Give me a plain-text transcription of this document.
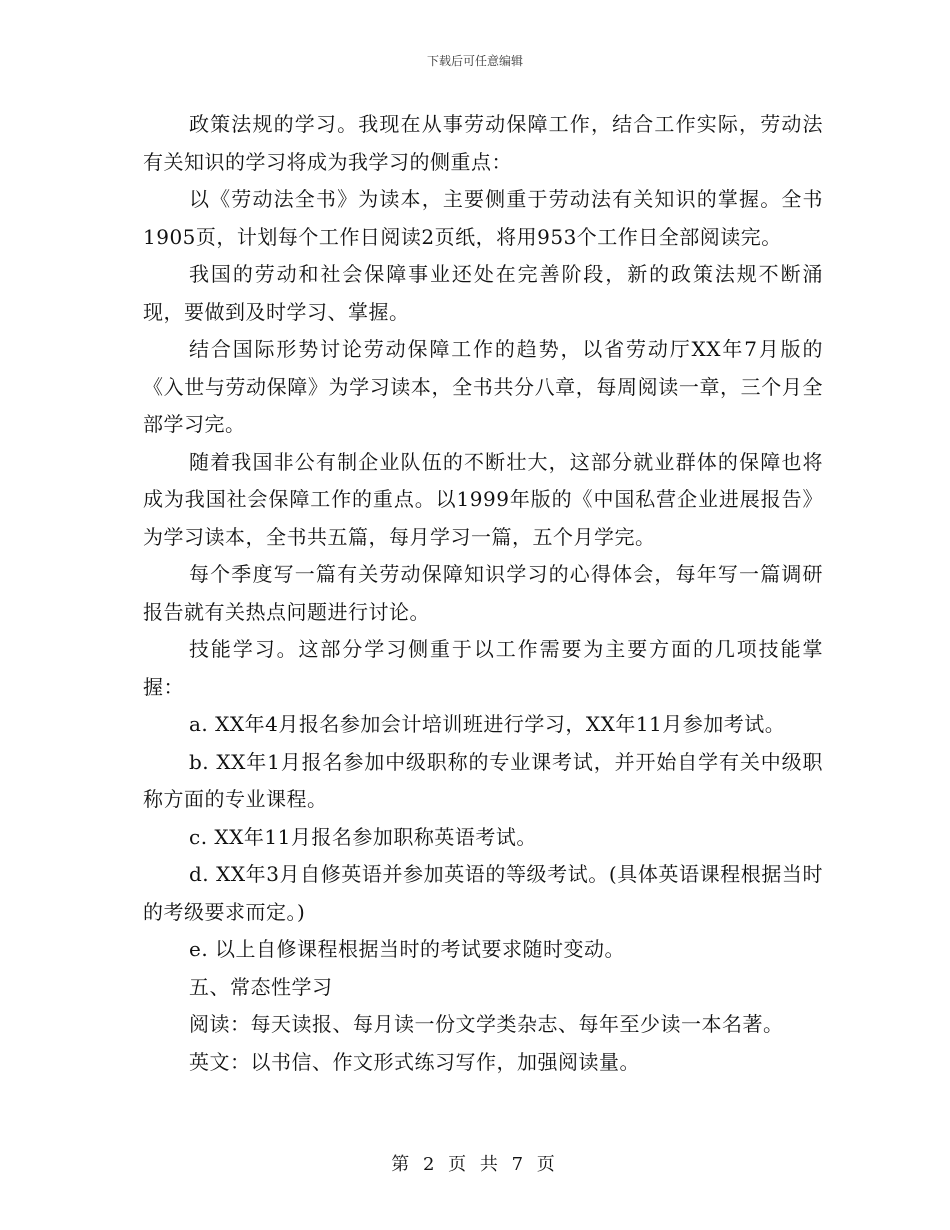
下载后可任意编辑

政策法规的学习。我现在从事劳动保障工作，结合工作实际，劳动法有关知识的学习将成为我学习的侧重点：

以《劳动法全书》为读本，主要侧重于劳动法有关知识的掌握。全书1905页，计划每个工作日阅读2页纸，将用953个工作日全部阅读完。

我国的劳动和社会保障事业还处在完善阶段，新的政策法规不断涌现，要做到及时学习、掌握。

结合国际形势讨论劳动保障工作的趋势，以省劳动厅XX年7月版的《入世与劳动保障》为学习读本，全书共分八章，每周阅读一章，三个月全部学习完。

随着我国非公有制企业队伍的不断壮大，这部分就业群体的保障也将成为我国社会保障工作的重点。以1999年版的《中国私营企业进展报告》为学习读本，全书共五篇，每月学习一篇，五个月学完。

每个季度写一篇有关劳动保障知识学习的心得体会，每年写一篇调研报告就有关热点问题进行讨论。

技能学习。这部分学习侧重于以工作需要为主要方面的几项技能掌握：

a. XX年4月报名参加会计培训班进行学习，XX年11月参加考试。

b. XX年1月报名参加中级职称的专业课考试，并开始自学有关中级职称方面的专业课程。

c. XX年11月报名参加职称英语考试。

d. XX年3月自修英语并参加英语的等级考试。(具体英语课程根据当时的考级要求而定。)

e. 以上自修课程根据当时的考试要求随时变动。

五、常态性学习

阅读：每天读报、每月读一份文学类杂志、每年至少读一本名著。

英文：以书信、作文形式练习写作，加强阅读量。

第 2 页 共 7 页
